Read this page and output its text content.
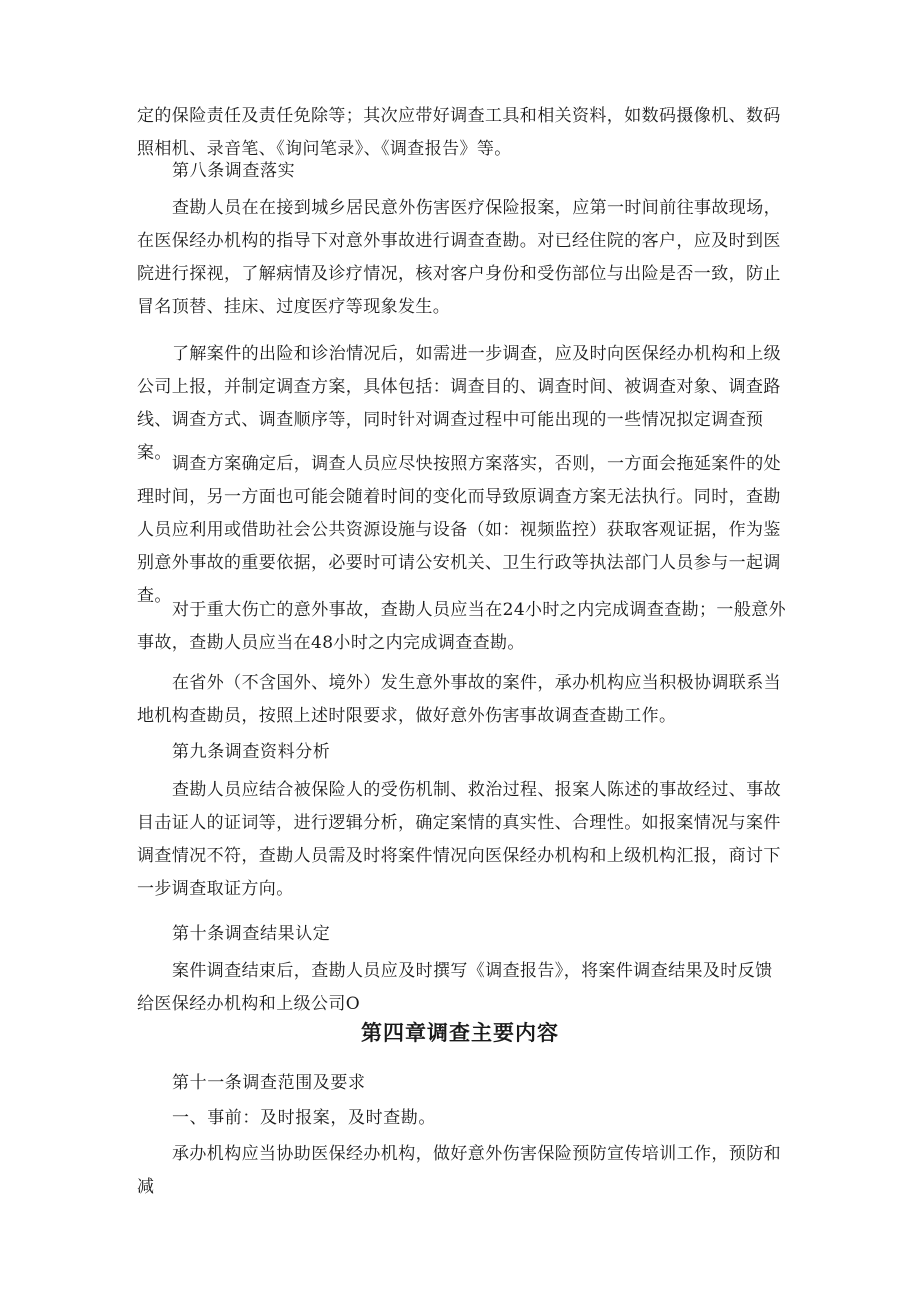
定的保险责任及责任免除等；其次应带好调查工具和相关资料，如数码摄像机、数码照相机、录音笔、《询问笔录》、《调查报告》等。

第八条调查落实

查勘人员在在接到城乡居民意外伤害医疗保险报案，应第一时间前往事故现场，在医保经办机构的指导下对意外事故进行调查查勘。对已经住院的客户，应及时到医院进行探视，了解病情及诊疗情况，核对客户身份和受伤部位与出险是否一致，防止冒名顶替、挂床、过度医疗等现象发生。

了解案件的出险和诊治情况后，如需进一步调查，应及时向医保经办机构和上级公司上报，并制定调查方案，具体包括：调查目的、调查时间、被调查对象、调查路线、调查方式、调查顺序等，同时针对调查过程中可能出现的一些情况拟定调查预案。

调查方案确定后，调查人员应尽快按照方案落实，否则，一方面会拖延案件的处理时间，另一方面也可能会随着时间的变化而导致原调查方案无法执行。同时，查勘人员应利用或借助社会公共资源设施与设备（如：视频监控）获取客观证据，作为鉴别意外事故的重要依据，必要时可请公安机关、卫生行政等执法部门人员参与一起调查。

对于重大伤亡的意外事故，查勘人员应当在24小时之内完成调查查勘；一般意外事故，查勘人员应当在48小时之内完成调查查勘。

在省外（不含国外、境外）发生意外事故的案件，承办机构应当积极协调联系当地机构查勘员，按照上述时限要求，做好意外伤害事故调查查勘工作。

第九条调查资料分析

查勘人员应结合被保险人的受伤机制、救治过程、报案人陈述的事故经过、事故目击证人的证词等，进行逻辑分析，确定案情的真实性、合理性。如报案情况与案件调查情况不符，查勘人员需及时将案件情况向医保经办机构和上级机构汇报，商讨下一步调查取证方向。

第十条调查结果认定

案件调查结束后，查勘人员应及时撰写《调查报告》，将案件调查结果及时反馈给医保经办机构和上级公司O

第四章调查主要内容

第十一条调查范围及要求

一、事前：及时报案，及时查勘。

承办机构应当协助医保经办机构，做好意外伤害保险预防宣传培训工作，预防和减
